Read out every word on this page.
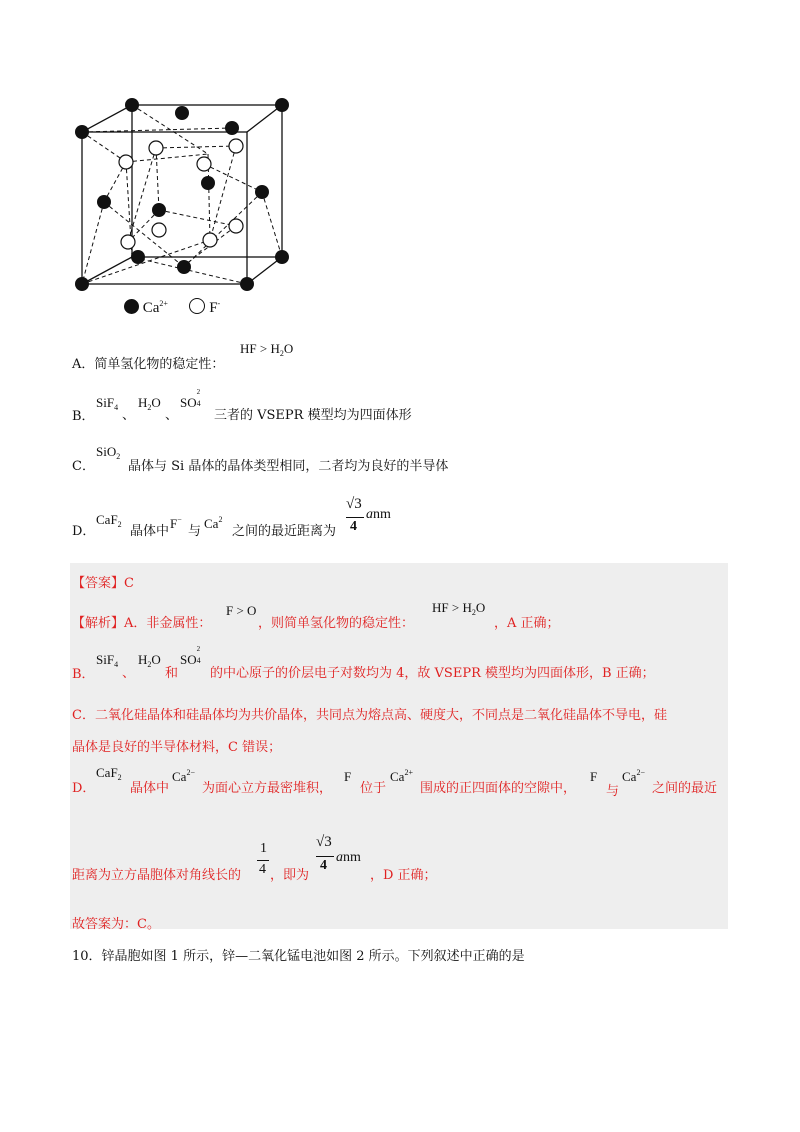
$Ca^{2+}$	F-
A．简单氢化物的稳定性：
HF > $H_2O$
B．
SiF$_4$
、
$H_2O$
、
SO
2
4
三者的 VSEPR 模型均为四面体形
C．
SiO$_2$
晶体与 Si 晶体的晶体类型相同，二者均为良好的半导体
D．
CaF$_2$ 晶体中
F−
与
Ca$^2$
之间的最近距离为
√3
4
anm
【答案】C
【解析】A．非金属性：
F > O
，则简单氢化物的稳定性：
HF > $H_2O$
，A 正确；
B．
SiF$_4$
、
$H_2O$
和
SO
2
4
的中心原子的价层电子对数均为 4，故 VSEPR 模型均为四面体形，B 正确；
C．二氧化硅晶体和硅晶体均为共价晶体，共同点为熔点高、硬度大，不同点是二氧化硅晶体不导电，硅
晶体是良好的半导体材料，C 错误；
D．
CaF$_2$
晶体中
$Ca^{2-}$
为面心立方最密堆积，
F
位于
$Ca^{2+}$
围成的正四面体的空隙中，
F
与
$Ca^{2-}$
之间的最近
距离为立方晶胞体对角线长的
1
4 ，即为
√3
4
anm
，D 正确；
故答案为：C。
10．锌晶胞如图 1 所示，锌—二氧化锰电池如图 2 所示。下列叙述中正确的是
